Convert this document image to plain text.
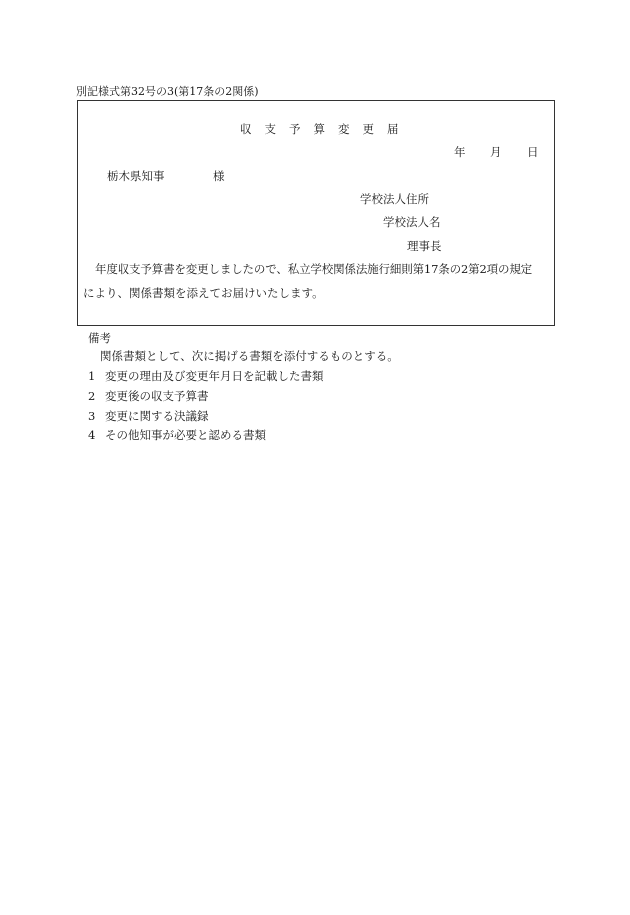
別記様式第32号の3(第17条の2関係)
収支予算変更届
年 月 日
栃木県知事	様
学校法人住所
学校法人名
理事長
年度収支予算書を変更しましたので、私立学校関係法施行細則第17条の2第2項の規定
により、関係書類を添えてお届けいたします。
備考
関係書類として、次に掲げる書類を添付するものとする。
1 変更の理由及び変更年月日を記載した書類
2 変更後の収支予算書
3 変更に関する決議録
4 その他知事が必要と認める書類
